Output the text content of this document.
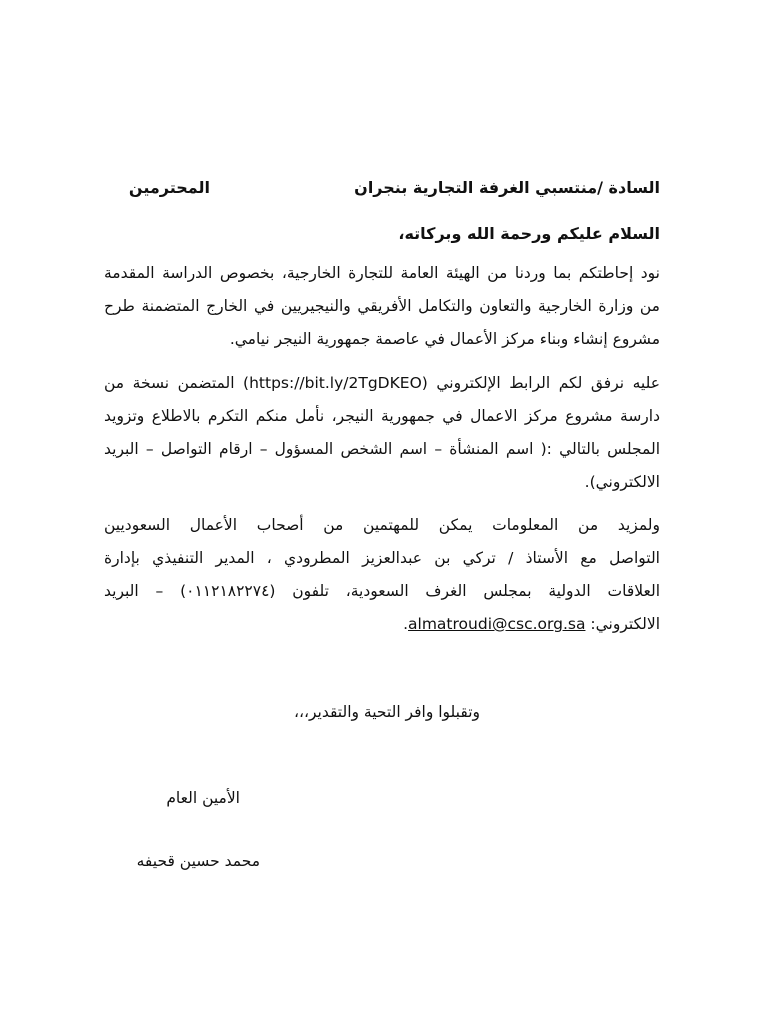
السادة /منتسبي الغرفة التجارية بنجران
المحترمين
السلام عليكم ورحمة الله وبركاته،
نود إحاطتكم بما وردنا من الهيئة العامة للتجارة الخارجية، بخصوص الدراسة المقدمة
من وزارة الخارجية والتعاون والتكامل الأفريقي والنيجيريين في الخارج المتضمنة طرح
مشروع إنشاء وبناء مركز الأعمال في عاصمة جمهورية النيجر نيامي.
عليه نرفق لكم الرابط الإلكتروني (https://bit.ly/2TgDKEO) المتضمن نسخة من
دارسة مشروع مركز الاعمال في جمهورية النيجر، نأمل منكم التكرم بالاطلاع وتزويد
المجلس بالتالي :( اسم المنشأة – اسم الشخص المسؤول – ارقام التواصل – البريد
الالكتروني).
ولمزيد من المعلومات يمكن للمهتمين من أصحاب الأعمال السعوديين
التواصل مع الأستاذ / تركي بن عبدالعزيز المطرودي ، المدير التنفيذي بإدارة
العلاقات الدولية بمجلس الغرف السعودية، تلفون (٠١١٢١٨٢٢٧٤) – البريد
الالكتروني: almatroudi@csc.org.sa.
وتقبلوا وافر التحية والتقدير،،،
الأمين العام
محمد حسين قحيفه
